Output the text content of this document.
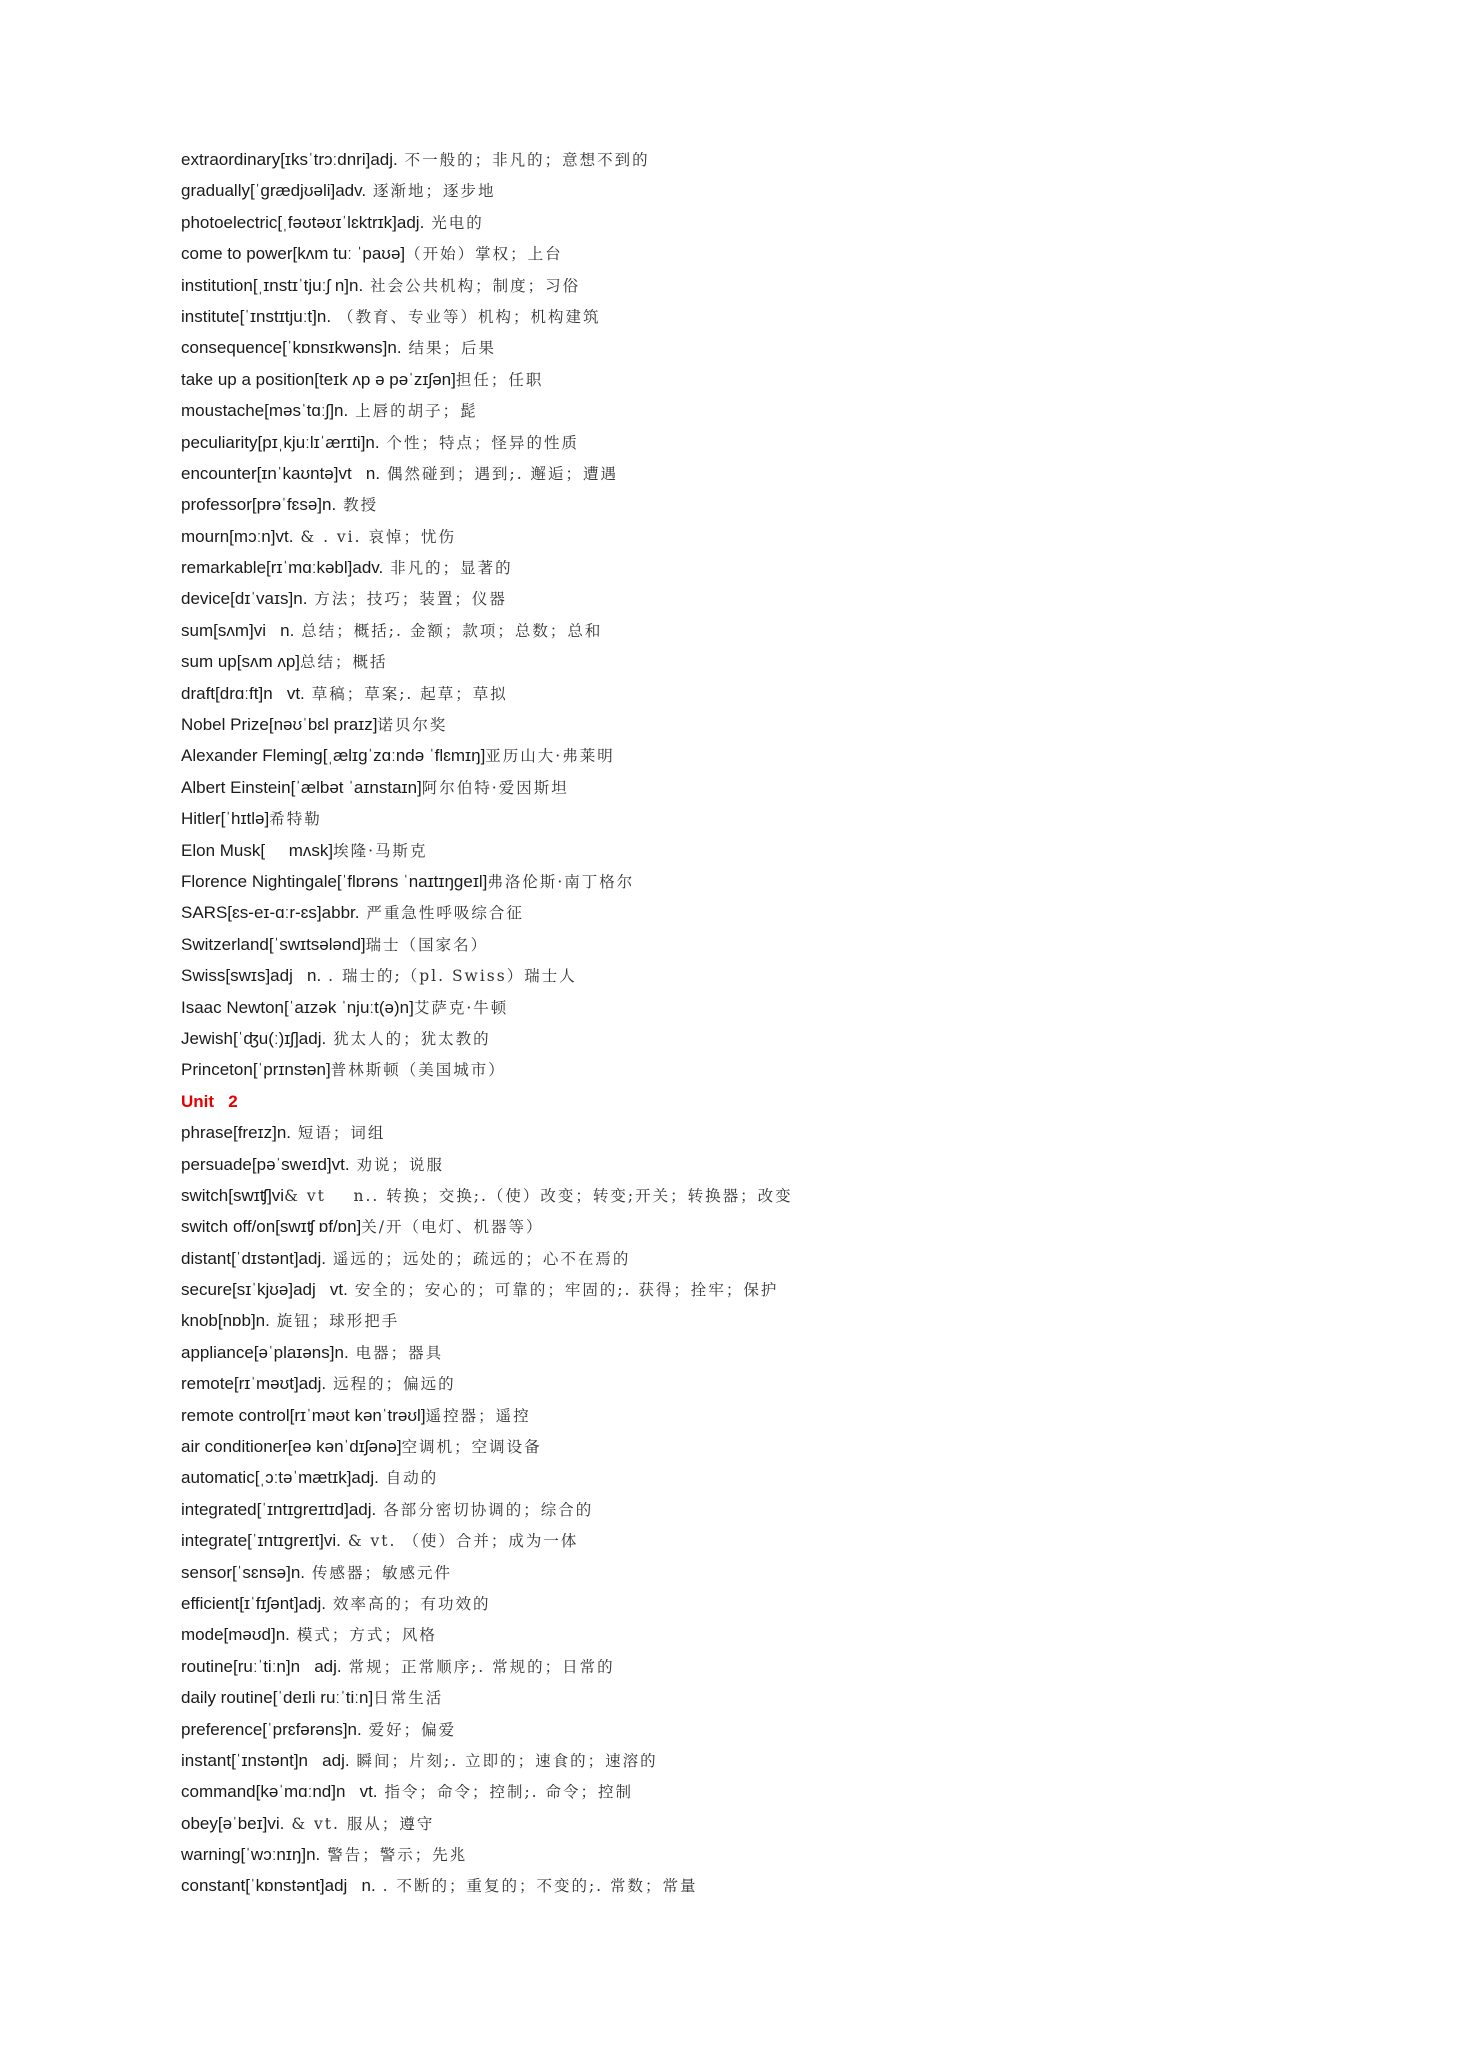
extraordinary[ɪksˈtrɔːdnri]adj. 不一般的；非凡的；意想不到的
gradually[ˈɡrædjʊəli]adv. 逐渐地；逐步地
photoelectric[ˌfəʊtəʊɪˈlɛktrɪk]adj. 光电的
come to power[kʌm tuː ˈpaʊə]（开始）掌权；上台
institution[ˌɪnstɪˈtjuːʃ n]n. 社会公共机构；制度；习俗
institute[ˈɪnstɪtjuːt]n. （教育、专业等）机构；机构建筑
consequence[ˈkɒnsɪkwəns]n. 结果；后果
take up a position[teɪk ʌp ə pəˈzɪʃən]担任；任职
moustache[məsˈtɑːʃ]n. 上唇的胡子；髭
peculiarity[pɪˌkjuːlɪˈærɪti]n. 个性；特点；怪异的性质
encounter[ɪnˈkaʊntə]vt   n. 偶然碰到；遇到;. 邂逅；遭遇
professor[prəˈfɛsə]n. 教授
mourn[mɔːn]vt. & . vi. 哀悼；忧伤
remarkable[rɪˈmɑːkəbl]adv. 非凡的；显著的
device[dɪˈvaɪs]n. 方法；技巧；装置；仪器
sum[sʌm]vi   n. 总结；概括;. 金额；款项；总数；总和
sum up[sʌm ʌp]总结；概括
draft[drɑːft]n   vt. 草稿；草案;. 起草；草拟
Nobel Prize[nəʊˈbɛl praɪz]诺贝尔奖
Alexander Fleming[ˌælɪɡˈzɑːndə ˈflɛmɪŋ]亚历山大·弗莱明
Albert Einstein[ˈælbət ˈaɪnstaɪn]阿尔伯特·爱因斯坦
Hitler[ˈhɪtlə]希特勒
Elon Musk[     mʌsk]埃隆·马斯克
Florence Nightingale[ˈflɒrəns ˈnaɪtɪŋɡeɪl]弗洛伦斯·南丁格尔
SARS[ɛs-eɪ-ɑːr-ɛs]abbr. 严重急性呼吸综合征
Switzerland[ˈswɪtsələnd]瑞士（国家名）
Swiss[swɪs]adj   n. . 瑞士的;（pl. Swiss）瑞士人
Isaac Newton[ˈaɪzək ˈnjuːt(ə)n]艾萨克·牛顿
Jewish[ˈʤu(ː)ɪʃ]adj. 犹太人的；犹太教的
Princeton[ˈprɪnstən]普林斯顿（美国城市）
Unit   2
phrase[freɪz]n. 短语；词组
persuade[pəˈsweɪd]vt. 劝说；说服
switch[swɪʧ]vi& vt    n.. 转换；交换;.（使）改变；转变;开关；转换器；改变
switch off/on[swɪʧ ɒf/ɒn]关/开（电灯、机器等）
distant[ˈdɪstənt]adj. 遥远的；远处的；疏远的；心不在焉的
secure[sɪˈkjʊə]adj   vt. 安全的；安心的；可靠的；牢固的;. 获得；拴牢；保护
knob[nɒb]n. 旋钮；球形把手
appliance[əˈplaɪəns]n. 电器；器具
remote[rɪˈməʊt]adj. 远程的；偏远的
remote control[rɪˈməʊt kənˈtrəʊl]遥控器；遥控
air conditioner[eə kənˈdɪʃənə]空调机；空调设备
automatic[ˌɔːtəˈmætɪk]adj. 自动的
integrated[ˈɪntɪɡreɪtɪd]adj. 各部分密切协调的；综合的
integrate[ˈɪntɪɡreɪt]vi. & vt. （使）合并；成为一体
sensor[ˈsɛnsə]n. 传感器；敏感元件
efficient[ɪˈfɪʃənt]adj. 效率高的；有功效的
mode[məʊd]n. 模式；方式；风格
routine[ruːˈtiːn]n   adj. 常规；正常顺序;. 常规的；日常的
daily routine[ˈdeɪli ruːˈtiːn]日常生活
preference[ˈprɛfərəns]n. 爱好；偏爱
instant[ˈɪnstənt]n   adj. 瞬间；片刻;. 立即的；速食的；速溶的
command[kəˈmɑːnd]n   vt. 指令；命令；控制;. 命令；控制
obey[əˈbeɪ]vi. & vt. 服从；遵守
warning[ˈwɔːnɪŋ]n. 警告；警示；先兆
constant[ˈkɒnstənt]adj   n. . 不断的；重复的；不变的;. 常数；常量
